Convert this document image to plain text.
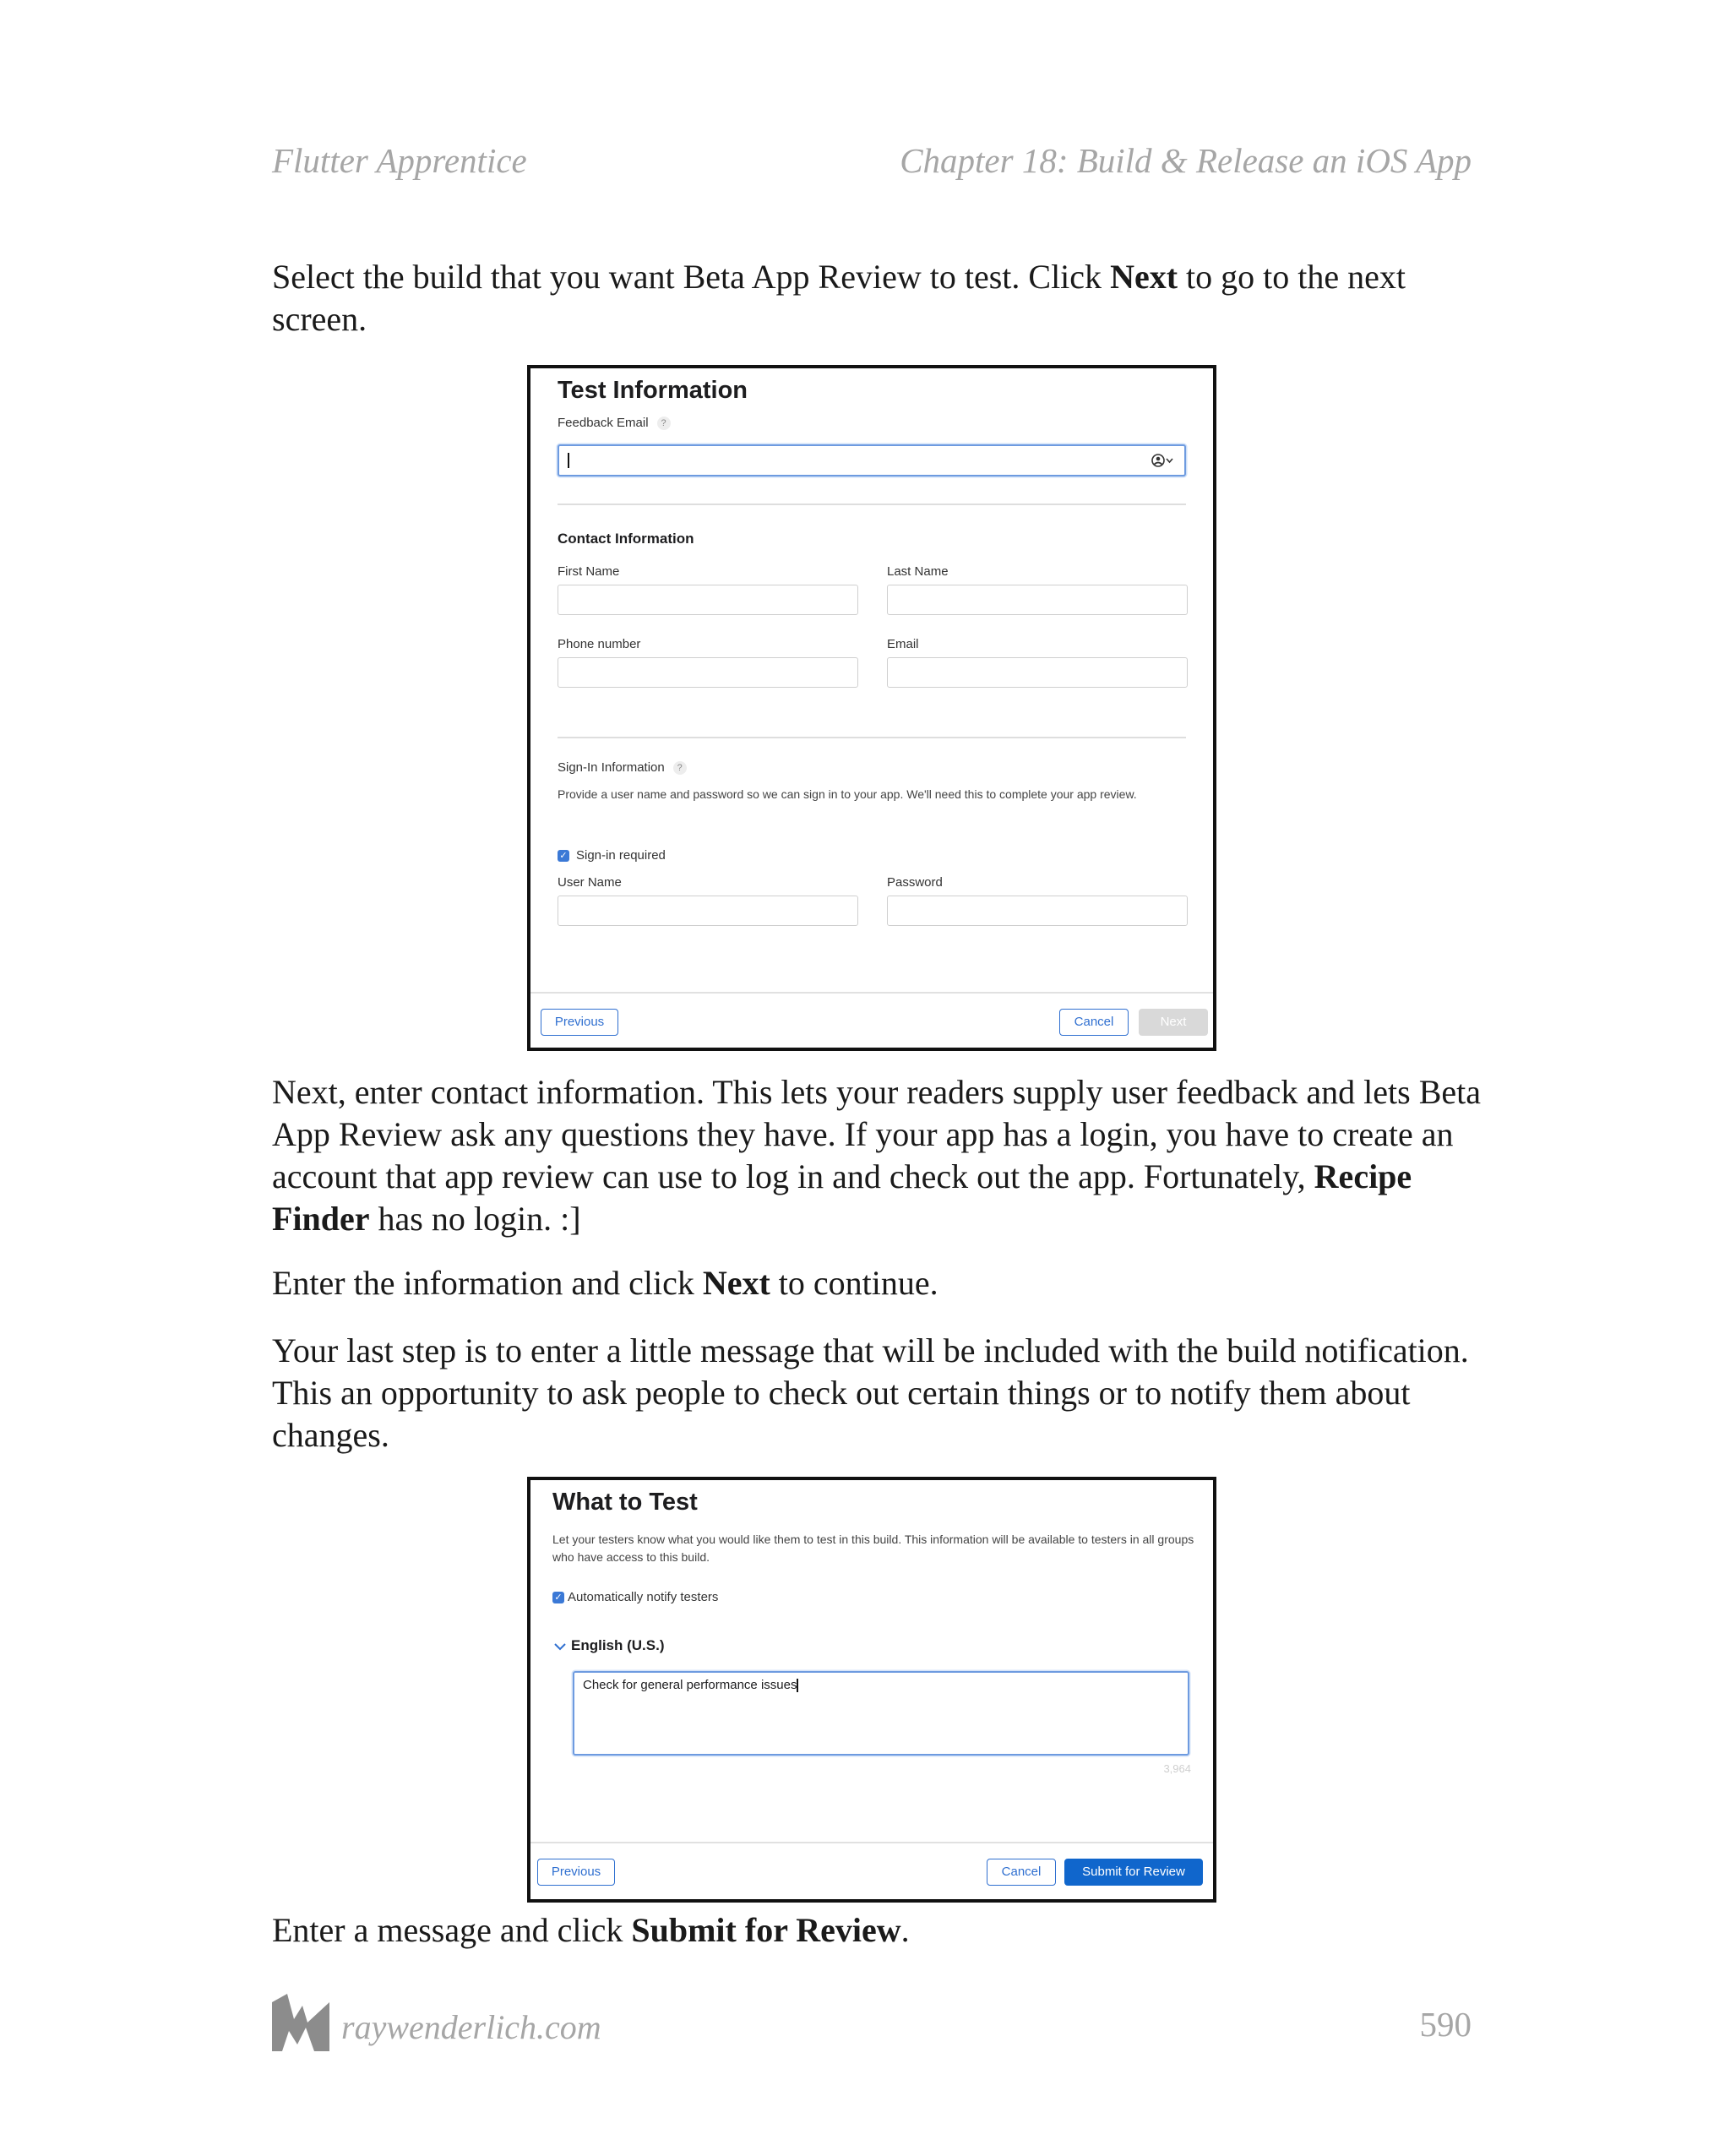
Flutter Apprentice	Chapter 18: Build & Release an iOS App

Select the build that you want Beta App Review to test. Click Next to go to the next screen.

Test Information
Feedback Email ?
Contact Information
First Name	Last Name
Phone number	Email
Sign-In Information ?
Provide a user name and password so we can sign in to your app. We'll need this to complete your app review.
✓ Sign-in required
User Name	Password
Previous	Cancel	Next

Next, enter contact information. This lets your readers supply user feedback and lets Beta App Review ask any questions they have. If your app has a login, you have to create an account that app review can use to log in and check out the app. Fortunately, Recipe Finder has no login. :]

Enter the information and click Next to continue.

Your last step is to enter a little message that will be included with the build notification. This an opportunity to ask people to check out certain things or to notify them about changes.

What to Test
Let your testers know what you would like them to test in this build. This information will be available to testers in all groups who have access to this build.
✓ Automatically notify testers
English (U.S.)
Check for general performance issues
3,964
Previous	Cancel	Submit for Review

Enter a message and click Submit for Review.

raywenderlich.com	590
